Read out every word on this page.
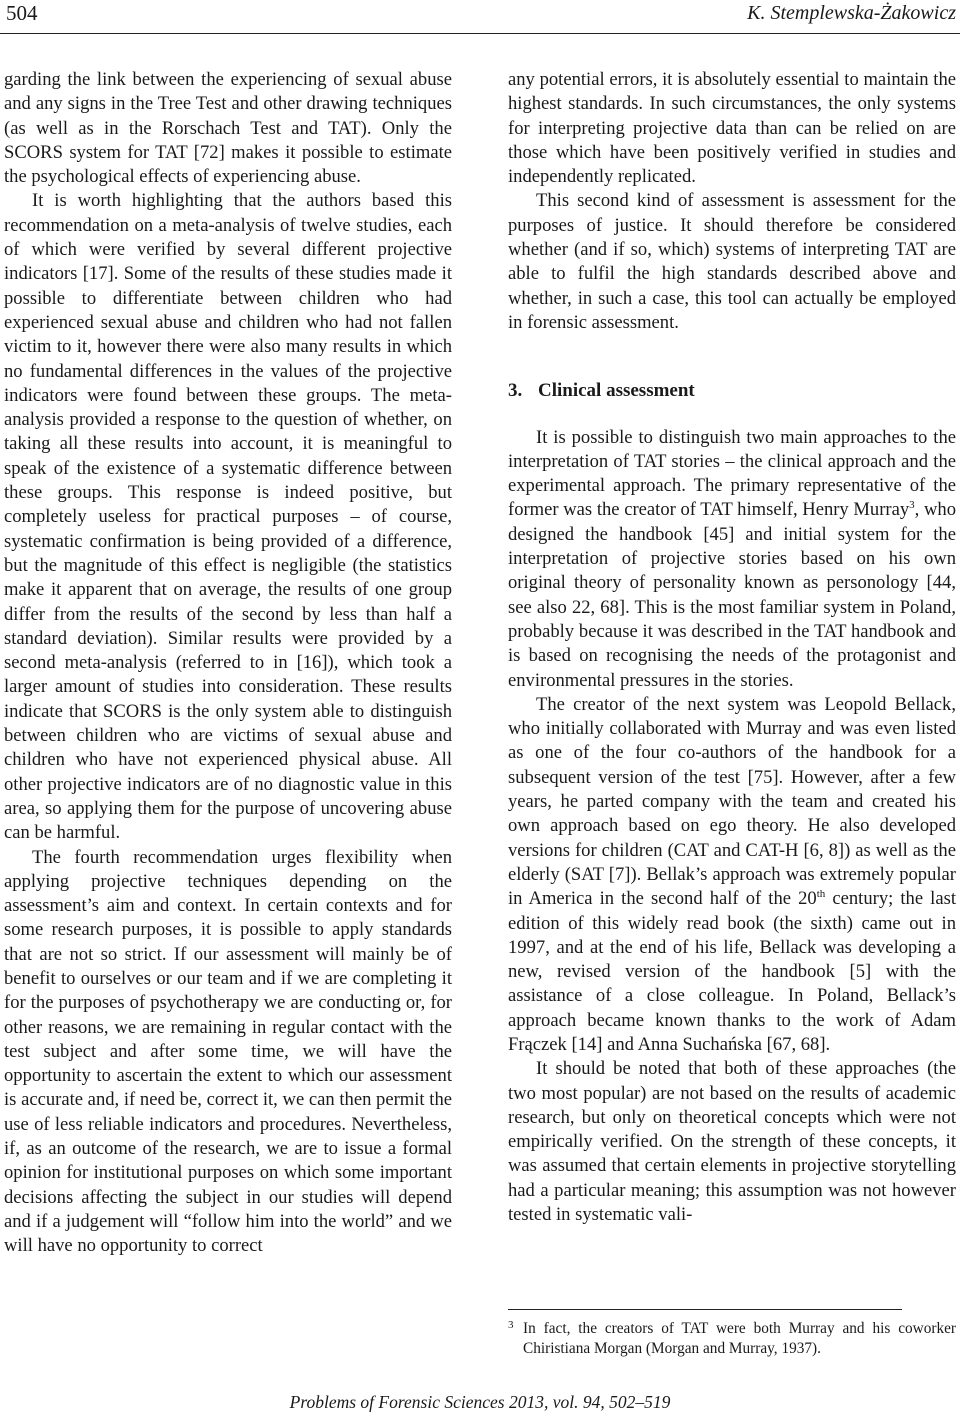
504	K. Stemplewska-Żakowicz

garding the link between the experiencing of sexual abuse and any signs in the Tree Test and other drawing techniques (as well as in the Rorschach Test and TAT). Only the SCORS system for TAT [72] makes it possible to estimate the psychological effects of experiencing abuse.

It is worth highlighting that the authors based this recommendation on a meta-analysis of twelve studies, each of which were verified by several different projective indicators [17]. Some of the results of these studies made it possible to differentiate between children who had experienced sexual abuse and children who had not fallen victim to it, however there were also many results in which no fundamental differences in the values of the projective indicators were found between these groups. The meta-analysis provided a response to the question of whether, on taking all these results into account, it is meaningful to speak of the existence of a systematic difference between these groups. This response is indeed positive, but completely useless for practical purposes – of course, systematic confirmation is being provided of a difference, but the magnitude of this effect is negligible (the statistics make it apparent that on average, the results of one group differ from the results of the second by less than half a standard deviation). Similar results were provided by a second meta-analysis (referred to in [16]), which took a larger amount of studies into consideration. These results indicate that SCORS is the only system able to distinguish between children who are victims of sexual abuse and children who have not experienced physical abuse. All other projective indicators are of no diagnostic value in this area, so applying them for the purpose of uncovering abuse can be harmful.

The fourth recommendation urges flexibility when applying projective techniques depending on the assessment’s aim and context. In certain contexts and for some research purposes, it is possible to apply standards that are not so strict. If our assessment will mainly be of benefit to ourselves or our team and if we are completing it for the purposes of psychotherapy we are conducting or, for other reasons, we are remaining in regular contact with the test subject and after some time, we will have the opportunity to ascertain the extent to which our assessment is accurate and, if need be, correct it, we can then permit the use of less reliable indicators and procedures. Nevertheless, if, as an outcome of the research, we are to issue a formal opinion for institutional purposes on which some important decisions affecting the subject in our studies will depend and if a judgement will “follow him into the world” and we will have no opportunity to correct

any potential errors, it is absolutely essential to maintain the highest standards. In such circumstances, the only systems for interpreting projective data than can be relied on are those which have been positively verified in studies and independently replicated.

This second kind of assessment is assessment for the purposes of justice. It should therefore be considered whether (and if so, which) systems of interpreting TAT are able to fulfil the high standards described above and whether, in such a case, this tool can actually be employed in forensic assessment.

3. Clinical assessment

It is possible to distinguish two main approaches to the interpretation of TAT stories – the clinical approach and the experimental approach. The primary representative of the former was the creator of TAT himself, Henry Murray$^3$, who designed the handbook [45] and initial system for the interpretation of projective stories based on his own original theory of personality known as personology [44, see also 22, 68]. This is the most familiar system in Poland, probably because it was described in the TAT handbook and is based on recognising the needs of the protagonist and environmental pressures in the stories.

The creator of the next system was Leopold Bellack, who initially collaborated with Murray and was even listed as one of the four co-authors of the handbook for a subsequent version of the test [75]. However, after a few years, he parted company with the team and created his own approach based on ego theory. He also developed versions for children (CAT and CAT-H [6, 8]) as well as the elderly (SAT [7]). Bellak’s approach was extremely popular in America in the second half of the 20th century; the last edition of this widely read book (the sixth) came out in 1997, and at the end of his life, Bellack was developing a new, revised version of the handbook [5] with the assistance of a close colleague. In Poland, Bellack’s approach became known thanks to the work of Adam Frączek [14] and Anna Suchańska [67, 68].

It should be noted that both of these approaches (the two most popular) are not based on the results of academic research, but only on theoretical concepts which were not empirically verified. On the strength of these concepts, it was assumed that certain elements in projective storytelling had a particular meaning; this assumption was not however tested in systematic vali-

3 In fact, the creators of TAT were both Murray and his coworker Chiristiana Morgan (Morgan and Murray, 1937).
Problems of Forensic Sciences 2013, vol. 94, 502–519
